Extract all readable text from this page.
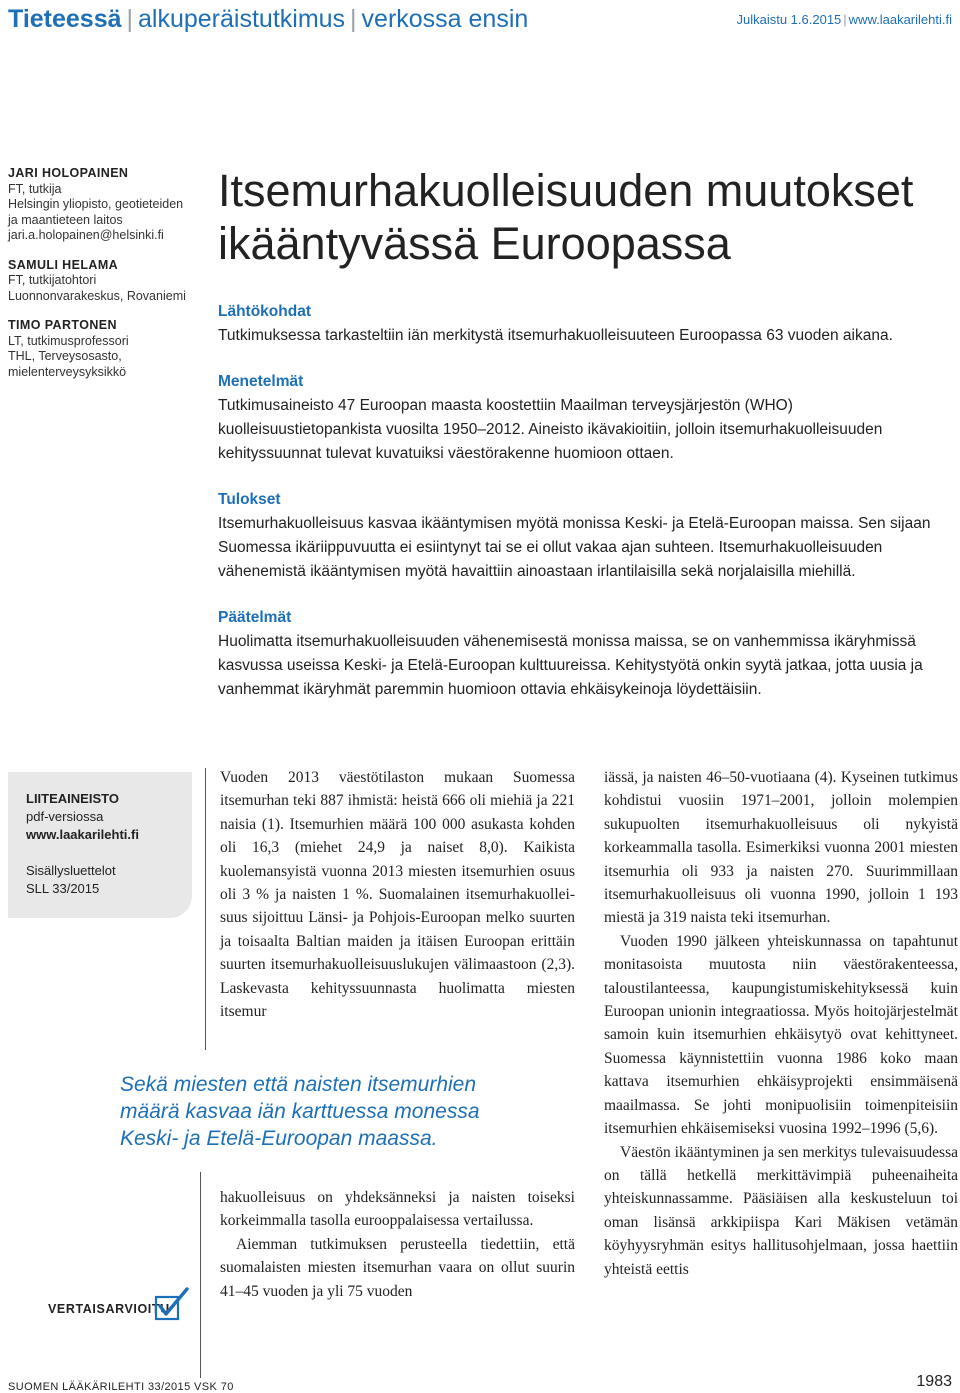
Tieteessä | alkuperäistutkimus | verkossa ensin	Julkaistu 1.6.2015 | www.laakarilehti.fi
JARI HOLOPAINEN
FT, tutkija
Helsingin yliopisto, geotieteiden
ja maantieteen laitos
jari.a.holopainen@helsinki.fi
SAMULI HELAMA
FT, tutkijatohtori
Luonnonvarakeskus, Rovaniemi
TIMO PARTONEN
LT, tutkimusprofessori
THL, Terveysosasto,
mielenterveysyksikkö
Itsemurhakuolleisuuden muutokset
ikääntyvässä Euroopassa
Lähtökohdat
Tutkimuksessa tarkasteltiin iän merkitystä itsemurhakuolleisuuteen Euroopassa 63 vuoden aikana.
Menetelmät
Tutkimusaineisto 47 Euroopan maasta koostettiin Maailman terveysjärjestön (WHO) kuolleisuustietopankista vuosilta 1950–2012. Aineisto ikävakioitiin, jolloin itsemurhakuolleisuuden kehityssuunnat tulevat kuvatuiksi väestörakenne huomioon ottaen.
Tulokset
Itsemurhakuolleisuus kasvaa ikääntymisen myötä monissa Keski- ja Etelä-Euroopan maissa. Sen sijaan Suomessa ikäriippuvuutta ei esiintynyt tai se ei ollut vakaa ajan suhteen. Itsemurhakuolleisuuden vähenemistä ikääntymisen myötä havaittiin ainoastaan irlantilaisilla sekä norjalaisilla miehillä.
Päätelmät
Huolimatta itsemurhakuolleisuuden vähenemisestä monissa maissa, se on vanhemmissa ikäryhmissä kasvussa useissa Keski- ja Etelä-Euroopan kulttuureissa. Kehitystyötä onkin syytä jatkaa, jotta uusia ja vanhemmat ikäryhmät paremmin huomioon ottavia ehkäisykeinoja löydettäisiin.
LIITEAINEISTO
pdf-versiossa
www.laakarilehti.fi
Sisällysluettelot
SLL 33/2015

Vuoden 2013 väestötilaston mukaan Suomessa itsemurhan teki 887 ihmistä: heistä 666 oli miehiä ja 221 naisia (1). Itsemurhien määrä 100 000 asukasta kohden oli 16,3 (miehet 24,9 ja naiset 8,0). Kaikista kuolemansyistä vuonna 2013 miesten itsemurhien osuus oli 3 % ja naisten 1 %. Suomalainen itsemurhakuolleisuus sijoittuu Länsi- ja Pohjois-Euroopan melko suurten ja toisaalta Baltian maiden ja itäisen Euroopan erittäin suurten itsemurhakuolleisuuslukujen välimaastoon (2,3). Laskevasta kehityssuunnasta huolimatta miesten itsemur

Sekä miesten että naisten itsemurhien
määrä kasvaa iän karttuessa monessa
Keski- ja Etelä-Euroopan maassa.

hakuolleisuus on yhdeksänneksi ja naisten toiseksi korkeimmalla tasolla eurooppalaisessa vertailussa.

Aiemman tutkimuksen perusteella tiedettiin, että suomalaisten miesten itsemurhan vaara on ollut suurin 41–45 vuoden ja yli 75 vuoden

iässä, ja naisten 46–50-vuotiaana (4). Kyseinen tutkimus kohdistui vuosiin 1971–2001, jolloin molempien sukupuolten itsemurhakuolleisuus oli nykyistä korkeammalla tasolla. Esimerkiksi vuonna 2001 miesten itsemurhia oli 933 ja naisten 270. Suurimmillaan itsemurhakuolleisuus oli vuonna 1990, jolloin 1 193 miestä ja 319 naista teki itsemurhan.

Vuoden 1990 jälkeen yhteiskunnassa on tapahtunut monitasoista muutosta niin väestörakenteessa, taloustilanteessa, kaupungistumiskehityksessä kuin Euroopan unionin integraatiossa. Myös hoitojärjestelmät samoin kuin itsemurhien ehkäisytyö ovat kehittyneet. Suomessa käynnistettiin vuonna 1986 koko maan kattava itsemurhien ehkäisyprojekti ensimmäisenä maailmassa. Se johti monipuolisiin toimenpiteisiin itsemurhien ehkäisemiseksi vuosina 1992–1996 (5,6).

Väestön ikääntyminen ja sen merkitys tulevaisuudessa on tällä hetkellä merkittävimpiä puheenaiheita yhteiskunnassamme. Pääsiäisen alla keskusteluun toi oman lisänsä arkkipiispa Kari Mäkisen vetämän köyhyysryhmän esitys hallitusohjelmaan, jossa haettiin yhteistä eettis

VERTAISARVIOITU
SUOMEN LÄÄKÄRILEHTI 33/2015 VSK 70	1983
